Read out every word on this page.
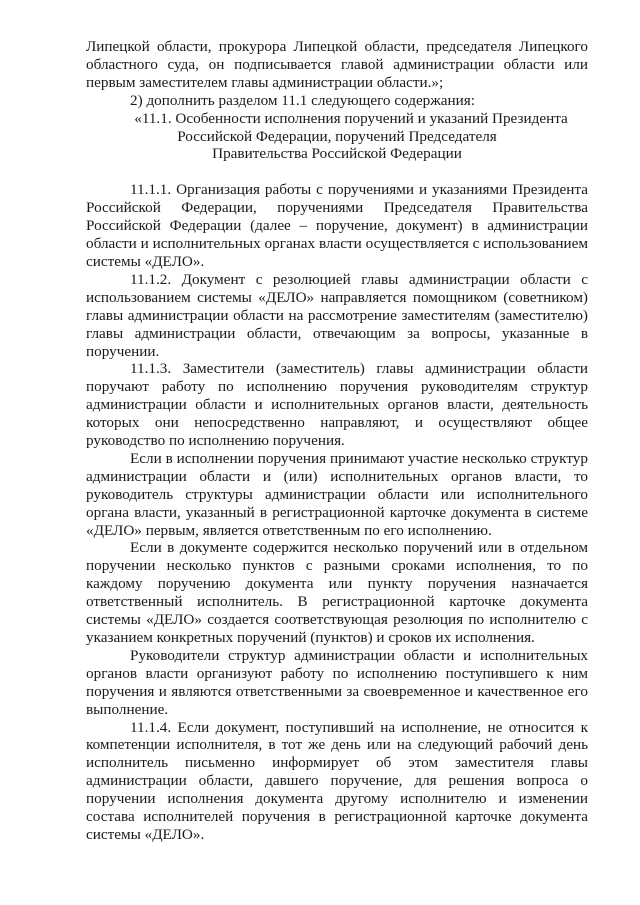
Липецкой области, прокурора Липецкой области, председателя Липецкого областного суда, он подписывается главой администрации области или первым заместителем главы администрации области.»;

2) дополнить разделом 11.1 следующего содержания:

«11.1. Особенности исполнения поручений и указаний Президента
Российской Федерации, поручений Председателя
Правительства Российской Федерации

11.1.1. Организация работы с поручениями и указаниями Президента Российской Федерации, поручениями Председателя Правительства Российской Федерации (далее – поручение, документ) в администрации области и исполнительных органах власти осуществляется с использованием системы «ДЕЛО».

11.1.2. Документ с резолюцией главы администрации области с использованием системы «ДЕЛО» направляется помощником (советником) главы администрации области на рассмотрение заместителям (заместителю) главы администрации области, отвечающим за вопросы, указанные в поручении.

11.1.3. Заместители (заместитель) главы администрации области поручают работу по исполнению поручения руководителям структур администрации области и исполнительных органов власти, деятельность которых они непосредственно направляют, и осуществляют общее руководство по исполнению поручения.

Если в исполнении поручения принимают участие несколько структур администрации области и (или) исполнительных органов власти, то руководитель структуры администрации области или исполнительного органа власти, указанный в регистрационной карточке документа в системе «ДЕЛО» первым, является ответственным по его исполнению.

Если в документе содержится несколько поручений или в отдельном поручении несколько пунктов с разными сроками исполнения, то по каждому поручению документа или пункту поручения назначается ответственный исполнитель. В регистрационной карточке документа системы «ДЕЛО» создается соответствующая резолюция по исполнителю с указанием конкретных поручений (пунктов) и сроков их исполнения.

Руководители структур администрации области и исполнительных органов власти организуют работу по исполнению поступившего к ним поручения и являются ответственными за своевременное и качественное его выполнение.

11.1.4. Если документ, поступивший на исполнение, не относится к компетенции исполнителя, в тот же день или на следующий рабочий день исполнитель письменно информирует об этом заместителя главы администрации области, давшего поручение, для решения вопроса о поручении исполнения документа другому исполнителю и изменении состава исполнителей поручения в регистрационной карточке документа системы «ДЕЛО».
